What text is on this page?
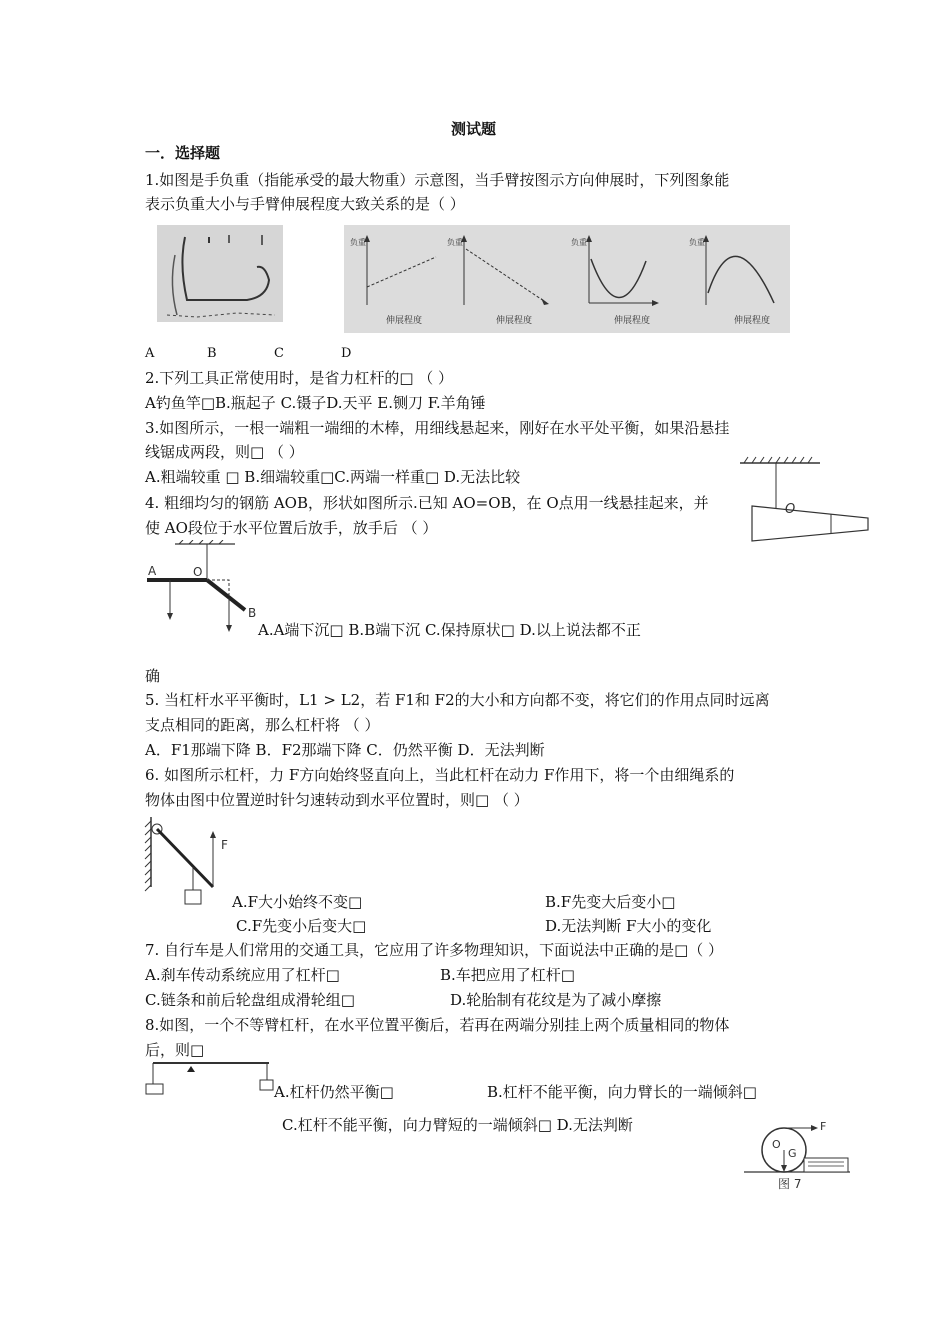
测试题
一．选择题
1.如图是手负重（指能承受的最大物重）示意图，当手臂按图示方向伸展时，下列图象能
表示负重大小与手臂伸展程度大致关系的是（ ）
负重
伸展程度
负重
伸展程度
负重
伸展程度
负重
伸展程度
A	B	C	D
2.下列工具正常使用时，是省力杠杆的□ （ ）
A钓鱼竿□B.瓶起子 C.镊子D.天平 E.铡刀 F.羊角锤
3.如图所示，一根一端粗一端细的木棒，用细线悬起来，刚好在水平处平衡，如果沿悬挂
线锯成两段，则□ （ ）
A.粗端较重 □ B.细端较重□C.两端一样重□ D.无法比较
O
4. 粗细均匀的钢筋 AOB，形状如图所示.已知 AO=OB，在 O点用一线悬挂起来，并
使 AO段位于水平位置后放手，放手后 （ ）
A	O
B
A.A端下沉□ B.B端下沉 C.保持原状□ D.以上说法都不正
确
5. 当杠杆水平平衡时，L1 > L2，若 F1和 F2的大小和方向都不变，将它们的作用点同时远离
支点相同的距离，那么杠杆将 （ ）
A．F1那端下降 B．F2那端下降 C．仍然平衡 D．无法判断
6. 如图所示杠杆，力 F方向始终竖直向上，当此杠杆在动力 F作用下，将一个由细绳系的
物体由图中位置逆时针匀速转动到水平位置时，则□ （ ）
F
A.F大小始终不变□	B.F先变大后变小□
C.F先变小后变大□	D.无法判断 F大小的变化
7. 自行车是人们常用的交通工具，它应用了许多物理知识，下面说法中正确的是□（ ）
A.刹车传动系统应用了杠杆□	B.车把应用了杠杆□
C.链条和前后轮盘组成滑轮组□	D.轮胎制有花纹是为了减小摩擦
8.如图，一个不等臂杠杆，在水平位置平衡后，若再在两端分别挂上两个质量相同的物体
后，则□
A.杠杆仍然平衡□	B.杠杆不能平衡，向力臂长的一端倾斜□
C.杠杆不能平衡，向力臂短的一端倾斜□ D.无法判断
O
G
F
图 7
